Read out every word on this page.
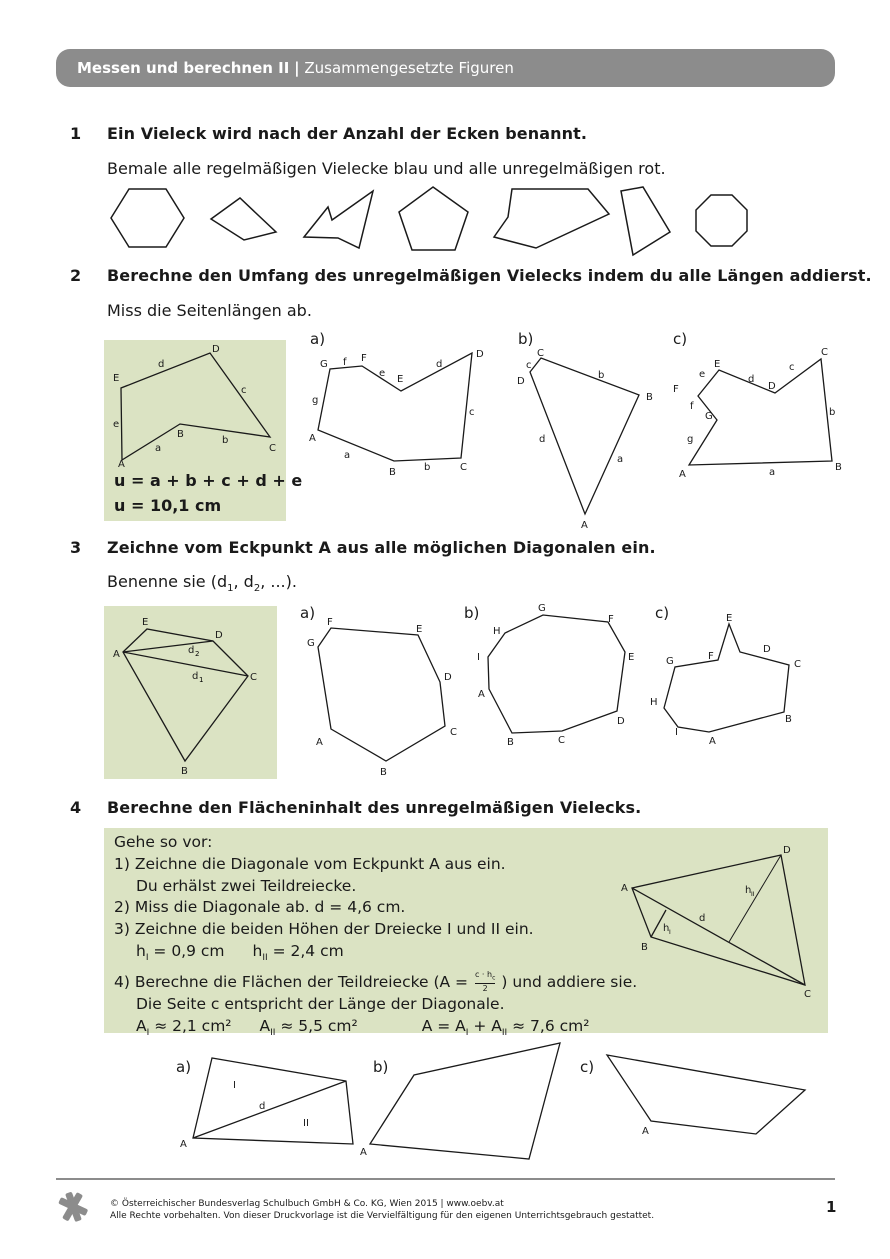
Messen und berechnen II | Zusammengesetzte Figuren
1 Ein Vieleck wird nach der Anzahl der Ecken benannt.
Bemale alle regelmäßigen Vielecke blau und alle unregelmäßigen rot.
2 Berechne den Umfang des unregelmäßigen Vielecks indem du alle Längen addierst.
Miss die Seitenlängen ab.
u = a + b + c + d + e
u = 10,1 cm
a)	b)	c)
A
B
C
D
E
a
b
c
d
e
A
B	C
D
E
F
G
a
b
c
d
e
f
g
A
B
C
D
a
b
c
d
A
B
C
D
E
F
G
a
b
c
d
e
f
g
3 Zeichne vom Eckpunkt A aus alle möglichen Diagonalen ein.
Benenne sie ($d_1$, $d_2$, ...).
a)	b)	c)
A
B
C
D
E
d 2
d 1
A
B
C
D
E
F
G
A
B	C
D
E
F
G
H
I
A
B
C
D
E
F
G
H
I
4 Berechne den Flächeninhalt des unregelmäßigen Vielecks.
Gehe so vor:
1) Zeichne die Diagonale vom Eckpunkt A aus ein.
Du erhälst zwei Teildreiecke.
2) Miss die Diagonale ab. d = 4,6 cm.
3) Zeichne die beiden Höhen der Dreiecke I und II ein.
$h_I = 0,9$ cm $h_{II} = 2,4$ cm
4) Berechne die Flächen der Teildreiecke ($A = \frac{c \cdot h_c}{2}$ ) und addiere sie.
Die Seite c entspricht der Länge der Diagonale.
$A_I \approx 2,1$ cm² $A_{II} \approx 5,5$ cm²	$A = A_I + A_{II} \approx 7,6$ cm²
a)	b)	c)
A
B
C
D
d
h I
h II
A
I
d
II
A
A
© Österreichischer Bundesverlag Schulbuch GmbH & Co. KG, Wien 2015 | www.oebv.at
Alle Rechte vorbehalten. Von dieser Druckvorlage ist die Vervielfältigung für den eigenen Unterrichtsgebrauch gestattet.	1
